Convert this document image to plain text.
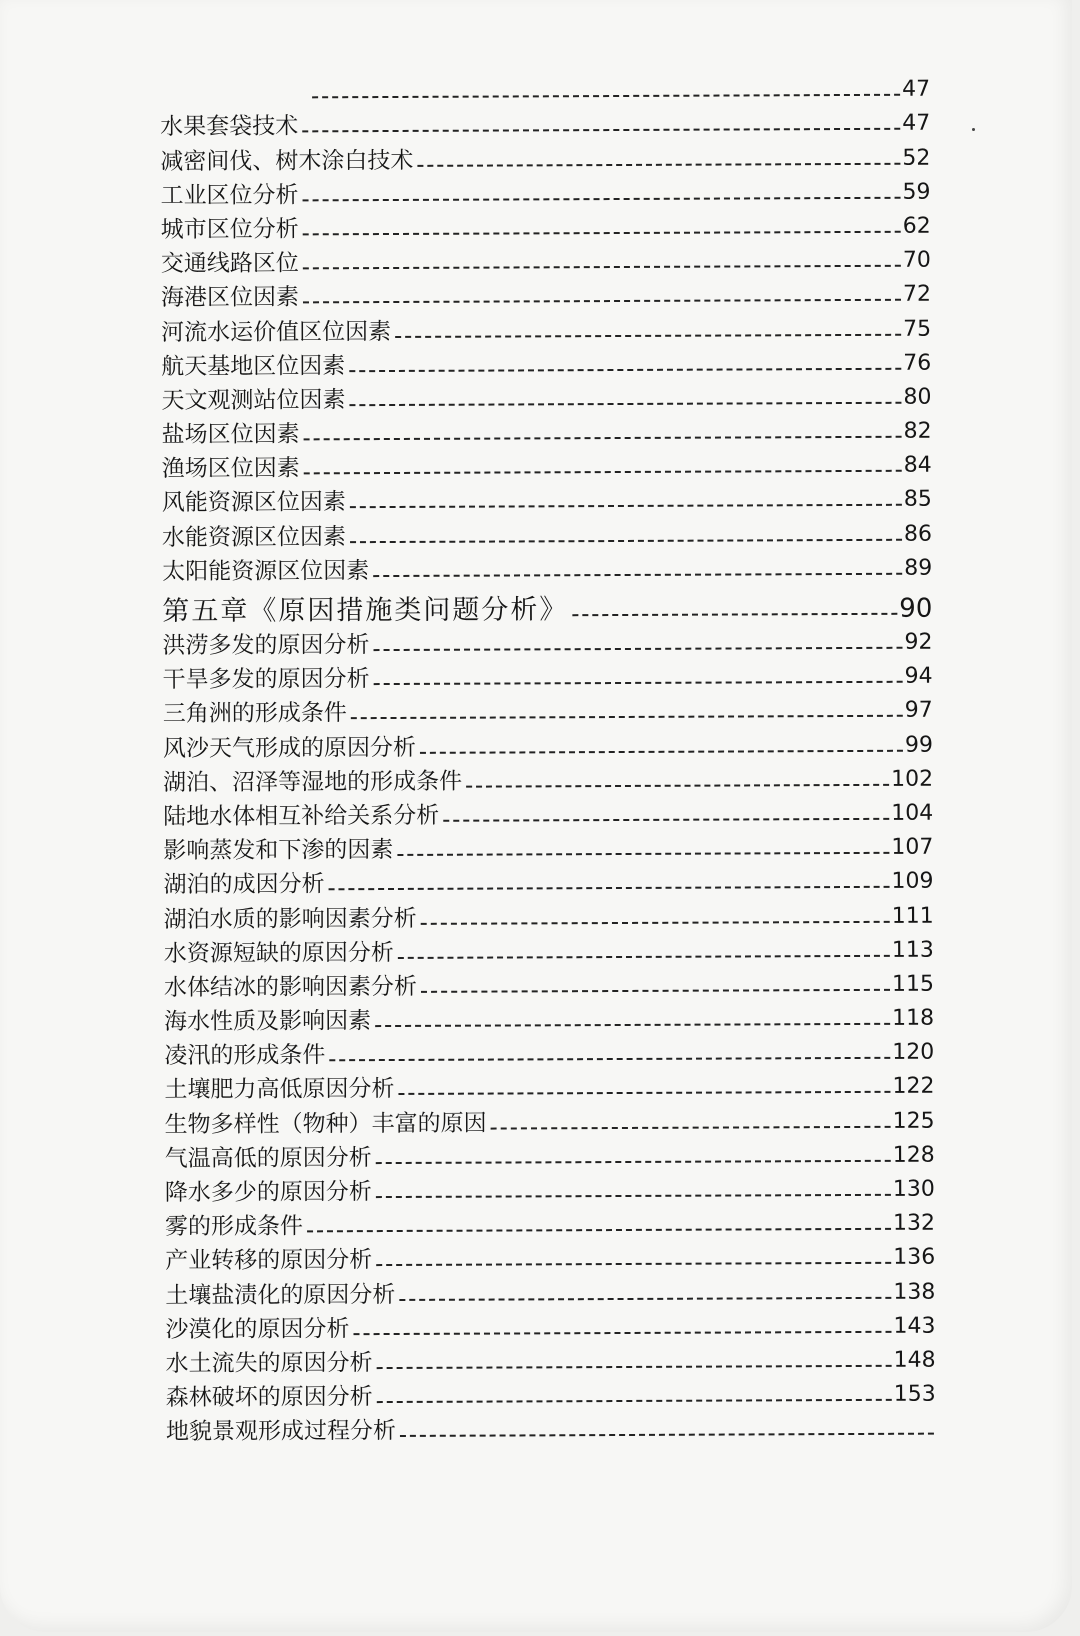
47
水果套袋技术	47
减密间伐、树木涂白技术	52
工业区位分析	59
城市区位分析	62
交通线路区位	70
海港区位因素	72
河流水运价值区位因素	75
航天基地区位因素	76
天文观测站位因素	80
盐场区位因素	82
渔场区位因素	84
风能资源区位因素	85
水能资源区位因素	86
太阳能资源区位因素	89
第五章《原因措施类问题分析》	90
洪涝多发的原因分析	92
干旱多发的原因分析	94
三角洲的形成条件	97
风沙天气形成的原因分析	99
湖泊、沼泽等湿地的形成条件	102
陆地水体相互补给关系分析	104
影响蒸发和下渗的因素	107
湖泊的成因分析	109
湖泊水质的影响因素分析	111
水资源短缺的原因分析	113
水体结冰的影响因素分析	115
海水性质及影响因素	118
凌汛的形成条件	120
土壤肥力高低原因分析	122
生物多样性（物种）丰富的原因	125
气温高低的原因分析	128
降水多少的原因分析	130
雾的形成条件	132
产业转移的原因分析	136
土壤盐渍化的原因分析	138
沙漠化的原因分析	143
水土流失的原因分析	148
森林破坏的原因分析	153
地貌景观形成过程分析
